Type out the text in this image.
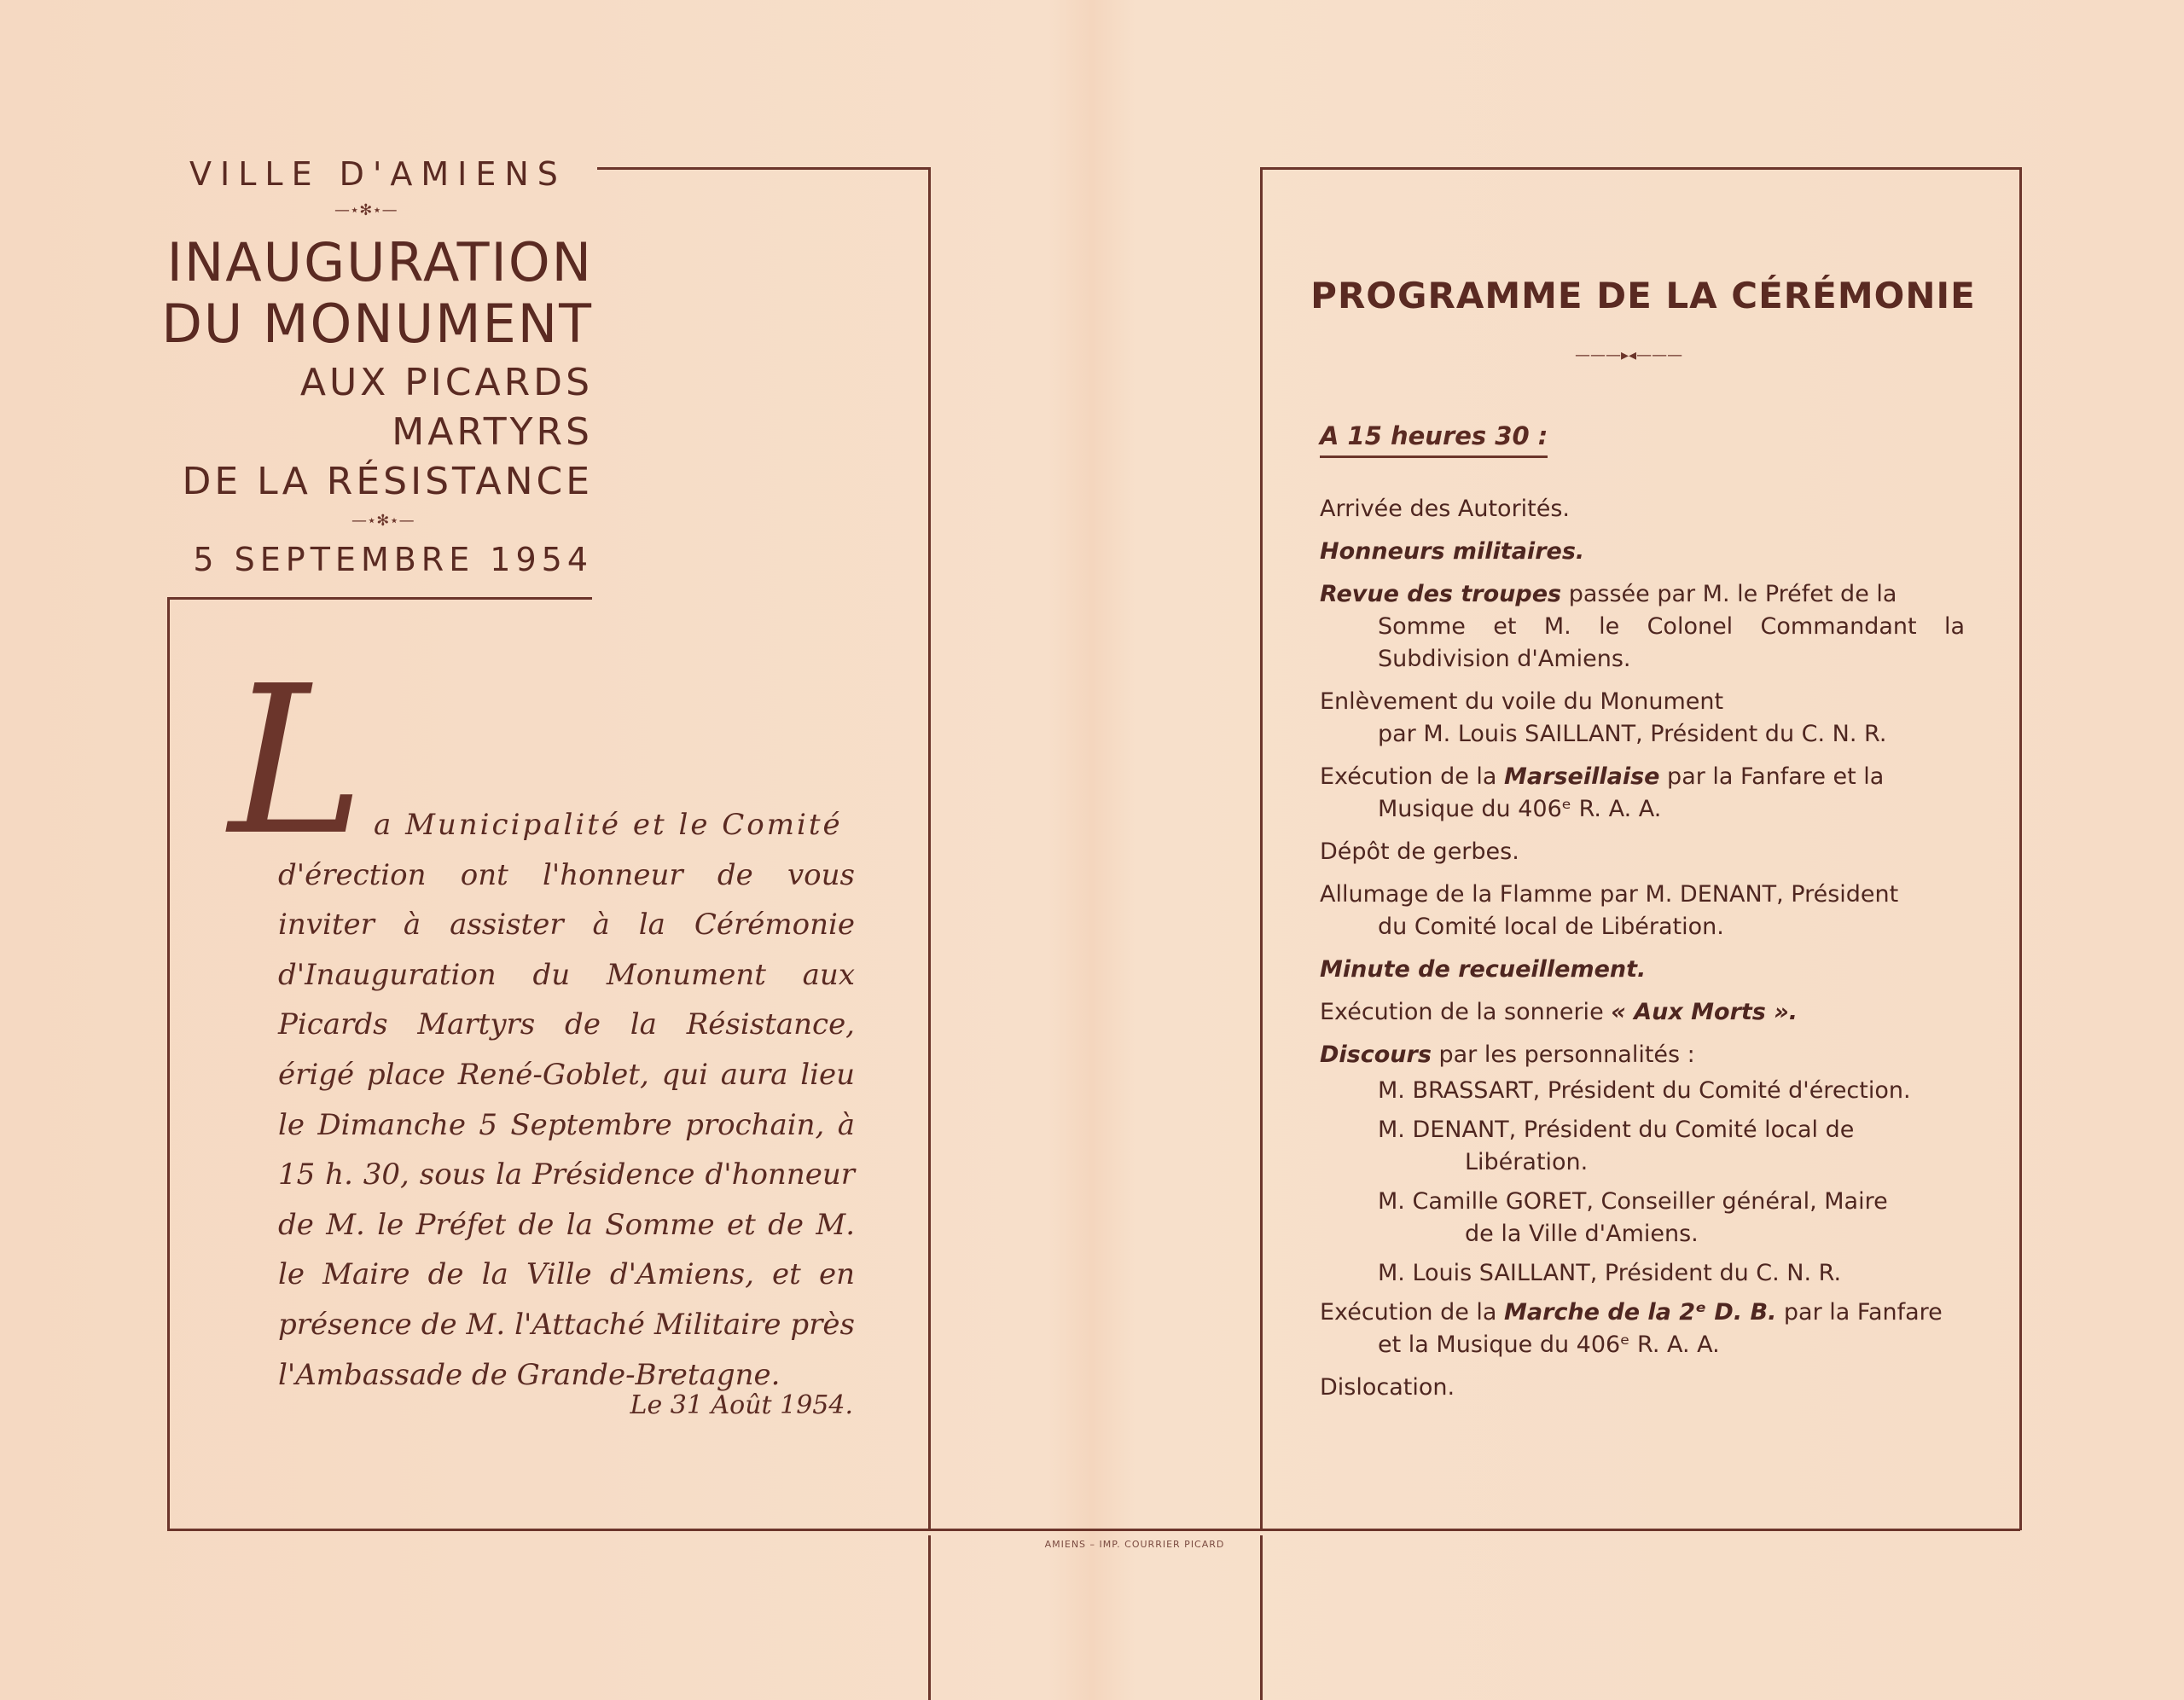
VILLE D'AMIENS
—⋆✻⋆—
INAUGURATION
DU MONUMENT
AUX PICARDS
MARTYRS
DE LA RÉSISTANCE
—⋆✻⋆—
5 SEPTEMBRE 1954
L a Municipalité et le Comité
d'érection ont l'honneur de vous inviter à assister à la Cérémonie d'Inauguration du Monument aux Picards Martyrs de la Résistance, érigé place René-Goblet, qui aura lieu le Dimanche 5 Septembre prochain, à 15 h. 30, sous la Présidence d'honneur de M. le Préfet de la Somme et de M. le Maire de la Ville d'Amiens, et en présence de M. l'Attaché Militaire près l'Ambassade de Grande-Bretagne.
Le 31 Août 1954.
PROGRAMME DE LA CÉRÉMONIE
———▸◂———
A 15 heures 30 :
Arrivée des Autorités.
Honneurs militaires.
Revue des troupes passée par M. le Préfet de la
Somme et M. le Colonel Commandant la Subdivision d'Amiens.
Enlèvement du voile du Monument
par M. Louis SAILLANT, Président du C. N. R.
Exécution de la Marseillaise par la Fanfare et la
Musique du 406ᵉ R. A. A.
Dépôt de gerbes.
Allumage de la Flamme par M. DENANT, Président
du Comité local de Libération.
Minute de recueillement.
Exécution de la sonnerie « Aux Morts ».
Discours par les personnalités :
M. BRASSART, Président du Comité d'érection.
M. DENANT, Président du Comité local de
Libération.
M. Camille GORET, Conseiller général, Maire
de la Ville d'Amiens.
M. Louis SAILLANT, Président du C. N. R.
Exécution de la Marche de la 2ᵉ D. B. par la Fanfare
et la Musique du 406ᵉ R. A. A.
Dislocation.
AMIENS – IMP. COURRIER PICARD
